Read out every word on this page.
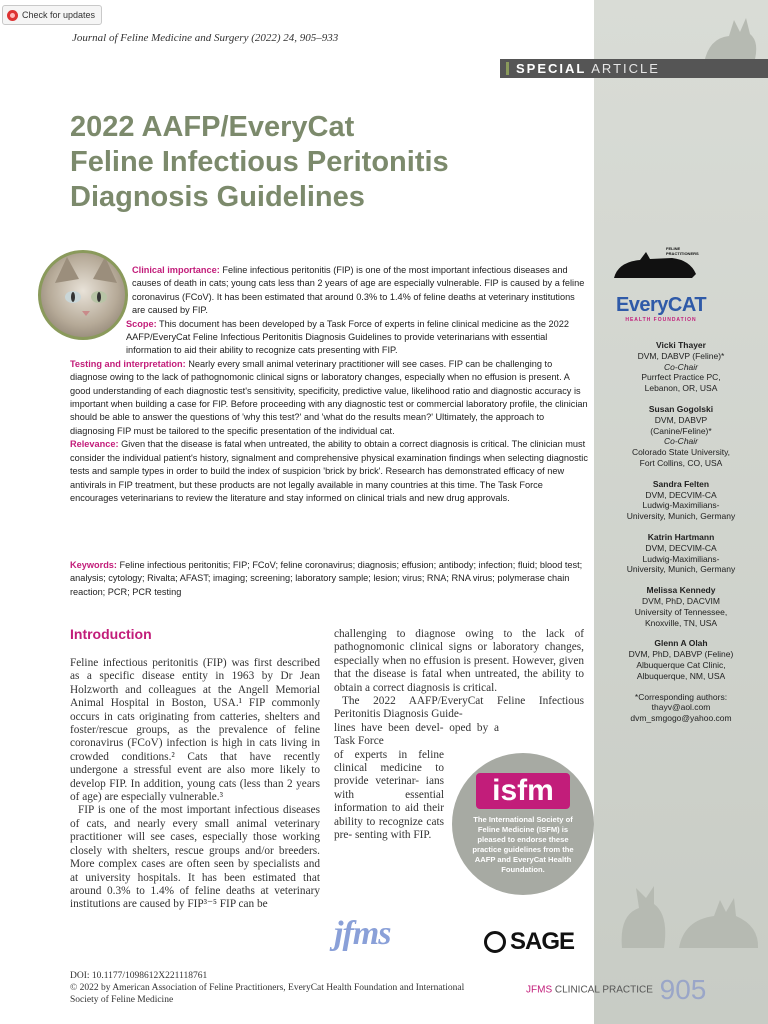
Check for updates
Journal of Feline Medicine and Surgery (2022) 24, 905–933
SPECIAL ARTICLE
2022 AAFP/EveryCat
Feline Infectious Peritonitis
Diagnosis Guidelines

Clinical importance: Feline infectious peritonitis (FIP) is one of the most important infectious diseases and causes of death in cats; young cats less than 2 years of age are especially vulnerable. FIP is caused by a feline coronavirus (FCoV). It has been estimated that around 0.3% to 1.4% of feline deaths at veterinary institutions are caused by FIP.

Scope: This document has been developed by a Task Force of experts in feline clinical medicine as the 2022 AAFP/EveryCat Feline Infectious Peritonitis Diagnosis Guidelines to provide veterinarians with essential information to aid their ability to recognize cats presenting with FIP.

Testing and interpretation: Nearly every small animal veterinary practitioner will see cases. FIP can be challenging to diagnose owing to the lack of pathognomonic clinical signs or laboratory changes, especially when no effusion is present. A good understanding of each diagnostic test's sensitivity, specificity, predictive value, likelihood ratio and diagnostic accuracy is important when building a case for FIP. Before proceeding with any diagnostic test or commercial laboratory profile, the clinician should be able to answer the questions of 'why this test?' and 'what do the results mean?' Ultimately, the approach to diagnosing FIP must be tailored to the specific presentation of the individual cat.

Relevance: Given that the disease is fatal when untreated, the ability to obtain a correct diagnosis is critical. The clinician must consider the individual patient's history, signalment and comprehensive physical examination findings when selecting diagnostic tests and sample types in order to build the index of suspicion 'brick by brick'. Research has demonstrated efficacy of new antivirals in FIP treatment, but these products are not legally available in many countries at this time. The Task Force encourages veterinarians to review the literature and stay informed on clinical trials and new drug approvals.

Keywords: Feline infectious peritonitis; FIP; FCoV; feline coronavirus; diagnosis; effusion; antibody; infection; fluid; blood test; analysis; cytology; Rivalta; AFAST; imaging; screening; laboratory sample; lesion; virus; RNA; RNA virus; polymerase chain reaction; PCR; PCR testing
Introduction

Feline infectious peritonitis (FIP) was first described as a specific disease entity in 1963 by Dr Jean Holzworth and colleagues at the Angell Memorial Animal Hospital in Boston, USA.¹ FIP commonly occurs in cats originating from catteries, shelters and foster/rescue groups, as the prevalence of feline coronavirus (FCoV) infection is high in cats living in crowded conditions.² Cats that have recently undergone a stressful event are also more likely to develop FIP. In addition, young cats (less than 2 years of age) are especially vulnerable.³

FIP is one of the most important infectious diseases of cats, and nearly every small animal veterinary practitioner will see cases, especially those working closely with shelters, rescue groups and/or breeders. More complex cases are often seen by specialists and at university hospitals. It has been estimated that around 0.3% to 1.4% of feline deaths at veterinary institutions are caused by FIP³⁻⁵ FIP can be

challenging to diagnose owing to the lack of pathognomonic clinical signs or laboratory changes, especially when no effusion is present. However, given that the disease is fatal when untreated, the ability to obtain a correct diagnosis is critical.

The 2022 AAFP/EveryCat Feline Infectious Peritonitis Diagnosis Guide-

lines have been devel- oped by a Task Force

of experts in feline clinical medicine to provide veterinar- ians with essential information to aid their ability to recognize cats pre- senting with FIP.

FELINE PRACTITIONERS
EveryCAT
HEALTH FOUNDATION
Vicki Thayer
DVM, DABVP (Feline)*
Co-Chair
Purrfect Practice PC,
Lebanon, OR, USA
Susan Gogolski
DVM, DABVP
(Canine/Feline)*
Co-Chair
Colorado State University,
Fort Collins, CO, USA
Sandra Felten
DVM, DECVIM-CA
Ludwig-Maximilians-
University, Munich, Germany
Katrin Hartmann
DVM, DECVIM-CA
Ludwig-Maximilians-
University, Munich, Germany
Melissa Kennedy
DVM, PhD, DACVIM
University of Tennessee,
Knoxville, TN, USA
Glenn A Olah
DVM, PhD, DABVP (Feline)
Albuquerque Cat Clinic,
Albuquerque, NM, USA
*Corresponding authors:
thayv@aol.com
dvm_smgogo@yahoo.com
isfm
The International Society of Feline Medicine (ISFM) is pleased to endorse these practice guidelines from the AAFP and EveryCat Health Foundation.
jfms	SAGE
DOI: 10.1177/1098612X221118761
© 2022 by American Association of Feline Practitioners, EveryCat Health Foundation and International Society of Feline Medicine
JFMS CLINICAL PRACTICE 905
